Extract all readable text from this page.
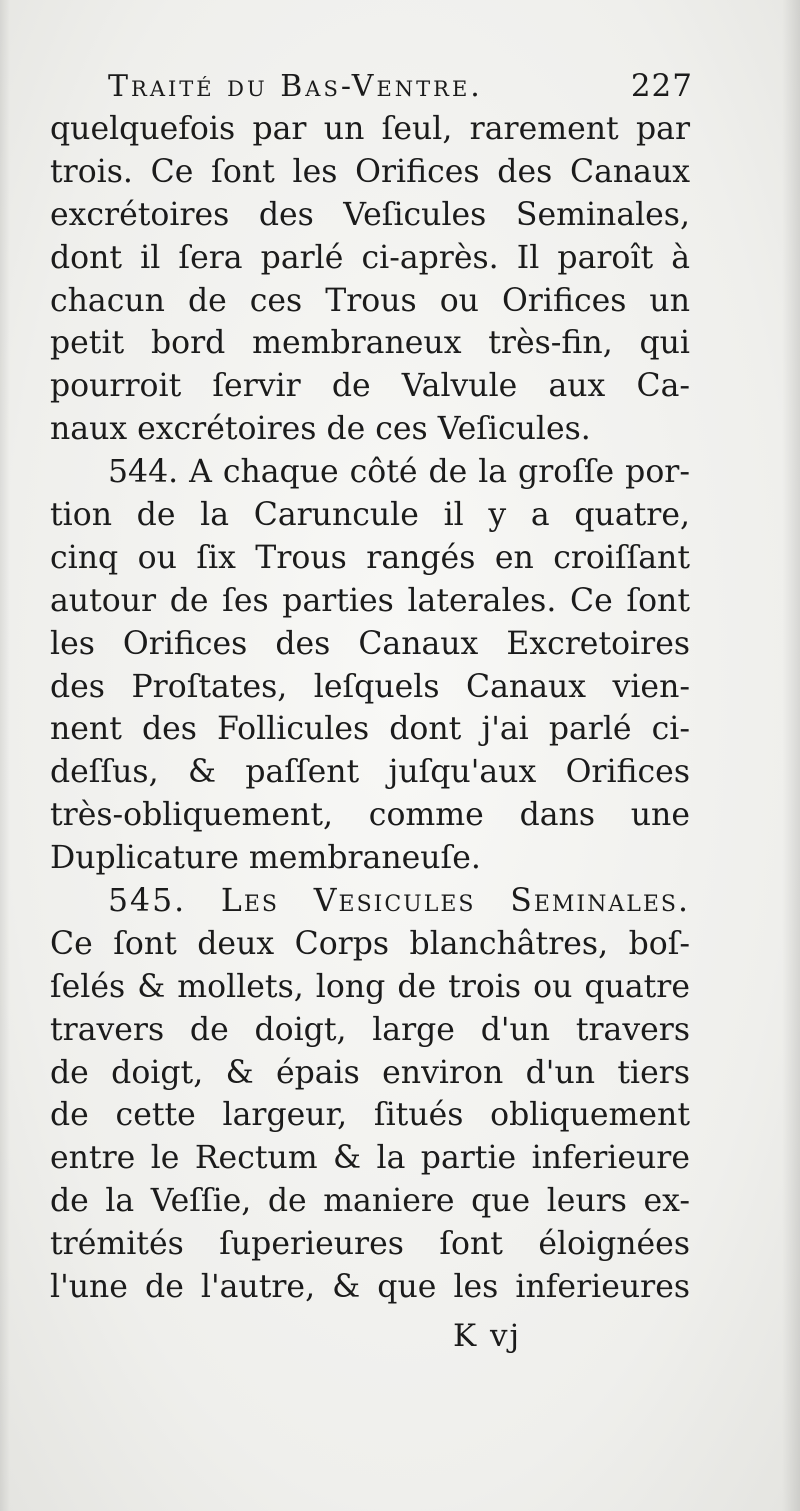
Traité du Bas-Ventre.	227
quelquefois par un ſeul, rarement par
trois. Ce ſont les Orifices des Canaux
excrétoires des Veſicules Seminales,
dont il ſera parlé ci-après. Il paroît à
chacun de ces Trous ou Orifices un
petit bord membraneux très-fin, qui
pourroit ſervir de Valvule aux Ca-
naux excrétoires de ces Veſicules.
544. A chaque côté de la groſſe por-
tion de la Caruncule il y a quatre,
cinq ou ſix Trous rangés en croiſſant
autour de ſes parties laterales. Ce ſont
les Orifices des Canaux Excretoires
des Proſtates, leſquels Canaux vien-
nent des Follicules dont j'ai parlé ci-
deſſus, & paſſent juſqu'aux Orifices
très-obliquement, comme dans une
Duplicature membraneuſe.
545. Les Vesicules Seminales.
Ce ſont deux Corps blanchâtres, boſ-
ſelés & mollets, long de trois ou quatre
travers de doigt, large d'un travers
de doigt, & épais environ d'un tiers
de cette largeur, ſitués obliquement
entre le Rectum & la partie inferieure
de la Veſſie, de maniere que leurs ex-
trémités ſuperieures ſont éloignées
l'une de l'autre, & que les inferieures
K vj
